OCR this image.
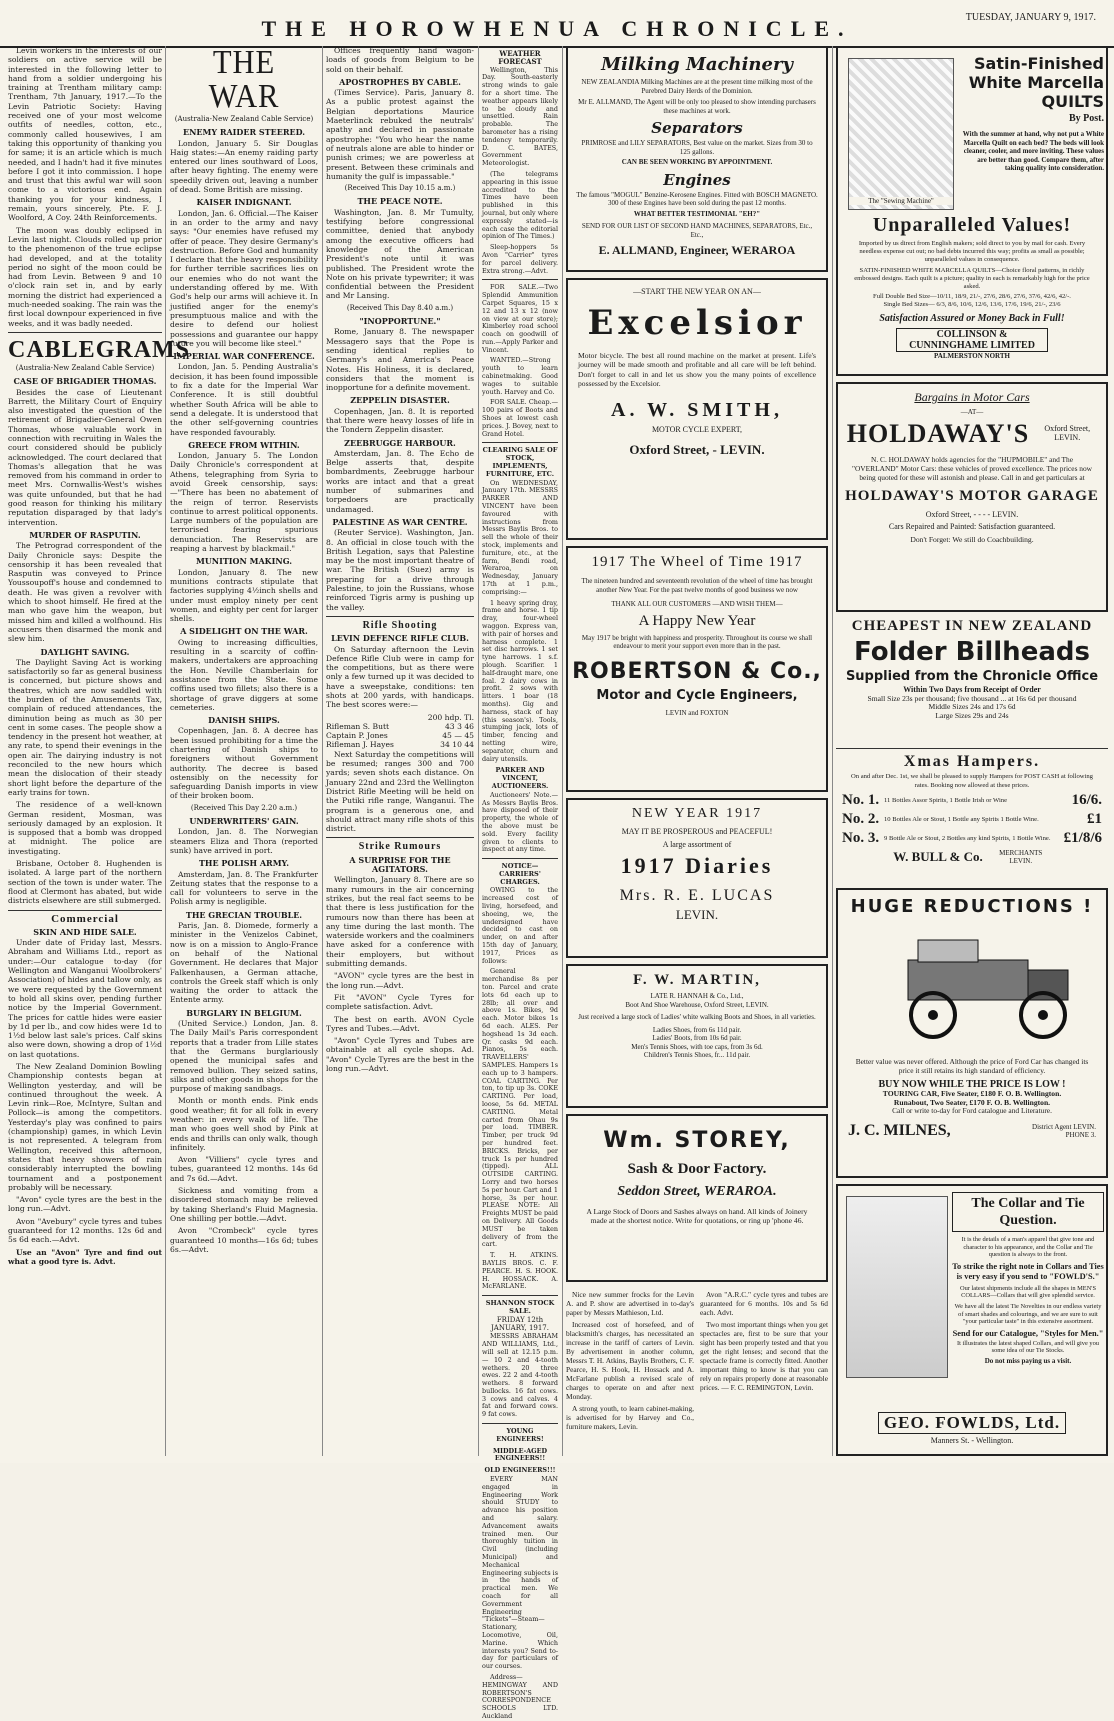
THE HOROWHENUA CHRONICLE.	TUESDAY, JANUARY 9, 1917.

Levin workers in the interests of our soldiers on active service will be interested in the following letter to hand from a soldier undergoing his training at Trentham military camp: Trentham, 7th January, 1917.—To the Levin Patriotic Society: Having received one of your most welcome outfits of needles, cotton, etc., commonly called housewives, I am taking this opportunity of thanking you for same; it is an article which is much needed, and I hadn't had it five minutes before I got it into commission. I hope and trust that this awful war will soon come to a victorious end. Again thanking you for your kindness, I remain, yours sincerely, Pte. F. J. Woolford, A Coy. 24th Reinforcements.

The moon was doubly eclipsed in Levin last night. Clouds rolled up prior to the phenomenon of the true eclipse had developed, and at the totality period no sight of the moon could be had from Levin. Between 9 and 10 o'clock rain set in, and by early morning the district had experienced a much-needed soaking. The rain was the first local downpour experienced in five weeks, and it was badly needed.

CABLEGRAMS
(Australia-New Zealand Cable Service)
CASE OF BRIGADIER THOMAS.

Besides the case of Lieutenant Barrett, the Military Court of Enquiry also investigated the question of the retirement of Brigadier-General Owen Thomas, whose valuable work in connection with recruiting in Wales the court considered should be publicly acknowledged. The court declared that Thomas's allegation that he was removed from his command in order to meet Mrs. Cornwallis-West's wishes was quite unfounded, but that he had good reason for thinking his military reputation disparaged by that lady's intervention.

MURDER OF RASPUTIN.

The Petrograd correspondent of the Daily Chronicle says: Despite the censorship it has been revealed that Rasputin was conveyed to Prince Youssoupoff's house and condemned to death. He was given a revolver with which to shoot himself. He fired at the man who gave him the weapon, but missed him and killed a wolfhound. His accusers then disarmed the monk and slew him.

DAYLIGHT SAVING.

The Daylight Saving Act is working satisfactorily so far as general business is concerned, but picture shows and theatres, which are now saddled with the burden of the Amusements Tax, complain of reduced attendances, the diminution being as much as 30 per cent in some cases. The people show a tendency in the present hot weather, at any rate, to spend their evenings in the open air. The dairying industry is not reconciled to the new hours which mean the dislocation of their steady short light before the departure of the early trains for town.

The residence of a well-known German resident, Mosman, was seriously damaged by an explosion. It is supposed that a bomb was dropped at midnight. The police are investigating.

Brisbane, October 8. Hughenden is isolated. A large part of the northern section of the town is under water. The flood at Clermont has abated, but wide districts elsewhere are still submerged.

Commercial
SKIN AND HIDE SALE.

Under date of Friday last, Messrs. Abraham and Williams Ltd., report as under:—Our catalogue to-day (for Wellington and Wanganui Woolbrokers' Association) of hides and tallow only, as we were requested by the Government to hold all skins over, pending further notice by the Imperial Government. The prices for cattle hides were easier by 1d per lb., and cow hides were 1d to 1½d below last sale's prices. Calf skins also were down, showing a drop of 1½d on last quotations.

The New Zealand Dominion Bowling Championship contests began at Wellington yesterday, and will be continued throughout the week. A Levin rink—Roe, McIntyre, Sultan and Pollock—is among the competitors. Yesterday's play was confined to pairs (championship) games, in which Levin is not represented. A telegram from Wellington, received this afternoon, states that heavy showers of rain considerably interrupted the bowling tournament and a postponement probably will be necessary.

"Avon" cycle tyres are the best in the long run.—Advt.

Avon "Avebury" cycle tyres and tubes guaranteed for 12 months. 12s 6d and 5s 6d each.—Advt.

Use an "Avon" Tyre and find out what a good tyre is. Advt.

THE WAR
(Australia-New Zealand Cable Service)
ENEMY RAIDER STEERED.

London, January 5. Sir Douglas Haig states:—An enemy raiding party entered our lines southward of Loos, after heavy fighting. The enemy were speedily driven out, leaving a number of dead. Some British are missing.

KAISER INDIGNANT.

London, Jan. 6. Official.—The Kaiser in an order to the army and navy says: "Our enemies have refused my offer of peace. They desire Germany's destruction. Before God and humanity I declare that the heavy responsibility for further terrible sacrifices lies on our enemies who do not want the understanding offered by me. With God's help our arms will achieve it. In justified anger for the enemy's presumptuous malice and with the desire to defend our holiest possessions and guarantee our happy future you will become like steel."

IMPERIAL WAR CONFERENCE.

London, Jan. 5. Pending Australia's decision, it has been found impossible to fix a date for the Imperial War Conference. It is still doubtful whether South Africa will be able to send a delegate. It is understood that the other self-governing countries have responded favourably.

GREECE FROM WITHIN.

London, January 5. The London Daily Chronicle's correspondent at Athens, telegraphing from Syria to avoid Greek censorship, says:—"There has been no abatement of the reign of terror. Reservists continue to arrest political opponents. Large numbers of the population are terrorised fearing spurious denunciation. The Reservists are reaping a harvest by blackmail."

MUNITION MAKING.

London, January 8. The new munitions contracts stipulate that factories supplying 4½inch shells and under must employ ninety per cent women, and eighty per cent for larger shells.

A SIDELIGHT ON THE WAR.

Owing to increasing difficulties, resulting in a scarcity of coffin-makers, undertakers are approaching the Hon. Neville Chamberlain for assistance from the State. Some coffins used two fillets; also there is a shortage of grave diggers at some cemeteries.

DANISH SHIPS.

Copenhagen, Jan. 8. A decree has been issued prohibiting for a time the chartering of Danish ships to foreigners without Government authority. The decree is based ostensibly on the necessity for safeguarding Danish imports in view of their broken boom.

(Received This Day 2.20 a.m.)
UNDERWRITERS' GAIN.

London, Jan. 8. The Norwegian steamers Eliza and Thora (reported sunk) have arrived in port.

THE POLISH ARMY.

Amsterdam, Jan. 8. The Frankfurter Zeitung states that the response to a call for volunteers to serve in the Polish army is negligible.

THE GRECIAN TROUBLE.

Paris, Jan. 8. Diomede, formerly a minister in the Venizelos Cabinet, now is on a mission to Anglo-France on behalf of the National Government. He declares that Major Falkenhausen, a German attache, controls the Greek staff which is only waiting the order to attack the Entente army.

BURGLARY IN BELGIUM.

(United Service.) London, Jan. 8. The Daily Mail's Paris correspondent reports that a trader from Lille states that the Germans burglariously opened the municipal safes and removed bullion. They seized satins, silks and other goods in shops for the purpose of making sandbags.

Month or month ends. Pink ends good weather; fit for all folk in every weather: in every walk of life. The man who goes well shod by Pink at ends and thrills can only walk, though infinitely.

Avon "Villiers" cycle tyres and tubes, guaranteed 12 months. 14s 6d and 7s 6d.—Advt.

Sickness and vomiting from a disordered stomach may be relieved by taking Sherland's Fluid Magnesia. One shilling per bottle.—Advt.

Avon "Crombeck" cycle tyres guaranteed 10 months—16s 6d; tubes 6s.—Advt.

Offices frequently hand wagon-loads of goods from Belgium to be sold on their behalf.

APOSTROPHES BY CABLE.

(Times Service). Paris, January 8. As a public protest against the Belgian deportations Maurice Maeterlinck rebuked the neutrals' apathy and declared in passionate apostrophe: "You who hear the name of neutrals alone are able to hinder or punish crimes; we are powerless at present. Between these criminals and humanity the gulf is impassable."

(Received This Day 10.15 a.m.)
THE PEACE NOTE.

Washington, Jan. 8. Mr Tumulty, testifying before congressional committee, denied that anybody among the executive officers had knowledge of the American President's note until it was published. The President wrote the Note on his private typewriter; it was confidential between the President and Mr Lansing.

(Received This Day 8.40 a.m.)
"INOPPORTUNE."

Rome, January 8. The newspaper Messagero says that the Pope is sending identical replies to Germany's and America's Peace Notes. His Holiness, it is declared, considers that the moment is inopportune for a definite movement.

ZEPPELIN DISASTER.

Copenhagen, Jan. 8. It is reported that there were heavy losses of life in the Tondern Zeppelin disaster.

ZEEBRUGGE HARBOUR.

Amsterdam, Jan. 8. The Echo de Belge asserts that, despite bombardments, Zeebrugge harbour works are intact and that a great number of submarines and torpedoers are practically undamaged.

PALESTINE AS WAR CENTRE.

(Reuter Service). Washington, Jan. 8. An official in close touch with the British Legation, says that Palestine may be the most important theatre of war. The British (Suez) army is preparing for a drive through Palestine, to join the Russians, whose reinforced Tigris army is pushing up the valley.

Rifle Shooting
LEVIN DEFENCE RIFLE CLUB.

On Saturday afternoon the Levin Defence Rifle Club were in camp for the competitions, but as there were only a few turned up it was decided to have a sweepstake, conditions: ten shots at 200 yards, with handicaps. The best scores were:—

200 hdp. Tl.
Rifleman S. Butt	43 3 46
Captain P. Jones	45 — 45
Rifleman J. Hayes	34 10 44

Next Saturday the competitions will be resumed; ranges 300 and 700 yards; seven shots each distance. On January 22nd and 23rd the Wellington District Rifle Meeting will be held on the Putiki rifle range, Wanganui. The program is a generous one, and should attract many rifle shots of this district.

Strike Rumours
A SURPRISE FOR THE AGITATORS.

Wellington, January 8. There are so many rumours in the air concerning strikes, but the real fact seems to be that there is less justification for the rumours now than there has been at any time during the last month. The waterside workers and the coalminers have asked for a conference with their employers, but without submitting demands.

"AVON" cycle tyres are the best in the long run.—Advt.

Fit "AVON" Cycle Tyres for complete satisfaction. Advt.

The best on earth. AVON Cycle Tyres and Tubes.—Advt.

"Avon" Cycle Tyres and Tubes are obtainable at all cycle shops. Ad. "Avon" Cycle Tyres are the best in the long run.—Advt.

WEATHER FORECAST

Wellington, This Day. South-easterly strong winds to gale for a short time. The weather appears likely to be cloudy and unsettled. Rain probable. The barometer has a rising tendency temporarily. D. C. BATES, Government Meteorologist.

(The telegrams appearing in this issue accredited to the Times have been published in this journal, but only where expressly stated—is each case the editorial opinion of The Times.)

Sleep-hoppers 5s Avon "Carrier" tyres for parcel delivery. Extra strong.—Advt.

FOR SALE.—Two Splendid Ammunition Carpet Squares, 15 x 12 and 13 x 12 (now on view at our store); Kimberley road school coach on goodwill of run.—Apply Parker and Vincent.

WANTED.—Strong youth to learn cabinetmaking. Good wages to suitable youth. Harvey and Co.

FOR SALE. Cheap.—100 pairs of Boots and Shoes at lowest cash prices. J. Bovey, next to Grand Hotel.

CLEARING SALE OF STOCK, IMPLEMENTS, FURNITURE, ETC.

On WEDNESDAY, January 17th. MESSRS PARKER AND VINCENT have been favoured with instructions from Messrs Baylis Bros. to sell the whole of their stock, implements and furniture, etc., at the farm, Bendi road, Weraroa, on Wednesday, January 17th at 1 p.m., comprising:—

1 heavy spring dray, frame and horse. 1 tip dray, four-wheel waggon. Express van, with pair of horses and harness complete. 1 set disc harrows. 1 set tyne harrows. 1 s.f. plough. Scarifier. 1 half-draught mare, one foal. 2 dairy cows in profit. 2 sows with litters. 1 boar (18 months). Gig and harness, stack of hay (this season's). Tools, stumping jack, lots of timber, fencing and netting wire, separator, churn and dairy utensils.

PARKER AND VINCENT, AUCTIONEERS.

Auctioneers' Note.—As Messrs Baylis Bros. have disposed of their property, the whole of the above must be sold. Every facility given to clients to inspect at any time.

NOTICE—CARRIERS' CHARGES.

OWING to the increased cost of living, horsefeed, and shoeing, we, the undersigned have decided to cast on under, on and after 15th day of January, 1917, Prices as follows:

General merchandise 8s per ton. Parcel and crate lots 6d each up to 28lb; all over and above 1s. Bikes, 9d each. Motor bikes 1s 6d each. ALES. Per hogshead 1s 3d each. Qr. casks 9d each. Pianos, 5s each. TRAVELLERS' SAMPLES. Hampers 1s each up to 3 hampers. COAL CARTING. Per ton, to tip up 3s. COKE CARTING. Per load, loose, 5s 6d. METAL CARTING. Metal carted from Ohau 9s per load. TIMBER. Timber, per truck 9d per hundred feet. BRICKS. Bricks, per truck 1s per hundred (tipped). ALL OUTSIDE CARTING. Lorry and two horses 5s per hour. Cart and 1 horse, 3s per hour. PLEASE NOTE: All Freights MUST be paid on Delivery. All Goods MUST be taken delivery of from the cart.

T. H. ATKINS. BAYLIS BROS. C. F. PEARCE. H. S. HOOK. H. HOSSACK. A. McFARLANE.

SHANNON STOCK SALE.
FRIDAY 12th JANUARY, 1917.

MESSRS ABRAHAM AND WILLIAMS, Ltd., will sell at 12.15 p.m.— 10 2 and 4-tooth wethers. 20 three ewes. 22 2 and 4-tooth wethers. 8 forward bullocks. 16 fat cows. 3 cows and calves. 4 fat and forward cows. 9 fat cows.

YOUNG ENGINEERS!
MIDDLE-AGED ENGINEERS!!
OLD ENGINEERS!!!

EVERY MAN engaged in Engineering Work should STUDY to advance his position and salary. Advancement awaits trained men. Our thoroughly tuition in Civil (including Municipal) and Mechanical Engineering subjects is in the hands of practical men. We coach for all Government Engineering "Tickets"—Steam—Stationary, Locomotive, Oil, Marine. Which interests you? Send to-day for particulars of our courses.

Address—HEMINGWAY AND ROBERTSON'S CORRESPONDENCE SCHOOLS LTD. Auckland

Milking Machinery
NEW ZEALANDIA Milking Machines are at the present time milking most of the Purebred Dairy Herds of the Dominion.
Mr E. ALLMAND, The Agent will be only too pleased to show intending purchasers these machines at work.
Separators
PRIMROSE and LILY SEPARATORS, Best value on the market. Sizes from 30 to 125 gallons.
CAN BE SEEN WORKING BY APPOINTMENT.
Engines
The famous "MOGUL" Benzine-Kerosene Engines. Fitted with BOSCH MAGNETO. 300 of these Engines have been sold during the past 12 months.
WHAT BETTER TESTIMONIAL "EH?"
SEND FOR OUR LIST OF SECOND HAND MACHINES, SEPARATORS, Etc., Etc.,
E. ALLMAND, Engineer, WERAROA
—START THE NEW YEAR ON AN—
Excelsior
Motor bicycle. The best all round machine on the market at present. Life's journey will be made smooth and profitable and all care will be left behind. Don't forget to call in and let us show you the many points of excellence possessed by the Excelsior.
A. W. SMITH,
MOTOR CYCLE EXPERT,
Oxford Street, - LEVIN.
1917 The Wheel of Time 1917
The nineteen hundred and seventeenth revolution of the wheel of time has brought another New Year. For the past twelve months of good business we now
THANK ALL OUR CUSTOMERS —AND WISH THEM—
A Happy New Year
May 1917 be bright with happiness and prosperity. Throughout its course we shall endeavour to merit your support even more than in the past.
ROBERTSON & Co.,
Motor and Cycle Engineers,
LEVIN and FOXTON
NEW YEAR 1917
MAY IT BE PROSPEROUS and PEACEFUL!
A large assortment of
1917 Diaries
Mrs. R. E. LUCAS
LEVIN.
F. W. MARTIN,
LATE R. HANNAH & Co., Ltd.,
Boot And Shoe Warehouse, Oxford Street, LEVIN.
Just received a large stock of Ladies' white walking Boots and Shoes, in all varieties.
Ladies Shoes, from 6s 11d pair.
Ladies' Boots, from 10s 6d pair.
Men's Tennis Shoes, with toe caps, from 3s 6d.
Children's Tennis Shoes, fr... 11d pair.
Wm. STOREY,
Sash & Door Factory.
Seddon Street, WERAROA.
A Large Stock of Doors and Sashes always on hand. All kinds of Joinery made at the shortest notice. Write for quotations, or ring up 'phone 46.

Nice new summer frocks for the Levin A. and P. show are advertised in to-day's paper by Messrs Mathieson, Ltd.

Increased cost of horsefeed, and of blacksmith's charges, has necessitated an increase in the tariff of carters of Levin. By advertisement in another column, Messrs T. H. Atkins, Baylis Brothers, C. F. Pearce, H. S. Hook, H. Hossack and A. McFarlane publish a revised scale of charges to operate on and after next Monday.

A strong youth, to learn cabinet-making, is advertised for by Harvey and Co., furniture makers, Levin.

Avon "A.R.C." cycle tyres and tubes are guaranteed for 6 months. 10s and 5s 6d each. Advt.

Two most important things when you get spectacles are, first to be sure that your sight has been properly tested and that you get the right lenses; and second that the spectacle frame is correctly fitted. Another important thing to know is that you can rely on repairs properly done at reasonable prices. — F. C. REMINGTON, Levin.

The "Sewing Machine"
Satin-Finished White Marcella QUILTS
By Post.
With the summer at hand, why not put a White Marcella Quilt on each bed? The beds will look cleaner, cooler, and more inviting. These values are better than good. Compare them, after taking quality into consideration.
Unparalleled Values!
Imported by us direct from English makers; sold direct to you by mail for cash. Every needless expense cut out; no bad debts incurred this way; profits as small as possible; unparalleled values in consequence.
SATIN-FINISHED WHITE MARCELLA QUILTS—Choice floral patterns, in richly embossed designs. Each quilt is a picture; quality in each is remarkably high for the price asked.
Full Double Bed Size—10/11, 18/9, 21/-, 27/6, 28/6, 27/6, 37/6, 42/6, 42/-.
Single Bed Sizes— 6/3, 8/6, 10/6, 12/6, 13/6, 17/6, 19/6, 21/-, 23/6
Satisfaction Assured or Money Back in Full!
COLLINSON & CUNNINGHAME LIMITED
PALMERSTON NORTH
Bargains in Motor Cars
—AT—
HOLDAWAY'S	Oxford Street, LEVIN.
N. C. HOLDAWAY holds agencies for the "HUPMOBILE" and The "OVERLAND" Motor Cars: these vehicles of proved excellence. The prices now being quoted for these will astonish and please. Call in and get particulars at
HOLDAWAY'S MOTOR GARAGE
Oxford Street, - - - - LEVIN.
Cars Repaired and Painted: Satisfaction guaranteed.
Don't Forget: We still do Coachbuilding.
CHEAPEST IN NEW ZEALAND
Folder Billheads
Supplied from the Chronicle Office
Within Two Days from Receipt of Order
Small Size 23s per thousand; five thousand ... at 16s 6d per thousand
Middle Sizes 24s and 17s 6d
Large Sizes 29s and 24s
Xmas Hampers.
On and after Dec. 1st, we shall be pleased to supply Hampers for POST CASH at following rates. Booking now allowed at these prices.
No. 1. 11 Bottles Assor Spirits, 1 Bottle Irish or Wine	16/6.
No. 2. 10 Bottles Ale or Stout, 1 Bottle any Spirits 1 Bottle Wine.	£1
No. 3. 9 Bottle Ale or Stout, 2 Bottles any kind Spirits, 1 Bottle Wine. £1/8/6
W. BULL & Co.	MERCHANTS LEVIN.
HUGE REDUCTIONS !
Better value was never offered. Although the price of Ford Car has changed its price it still retains its high standard of efficiency.
BUY NOW WHILE THE PRICE IS LOW !
TOURING CAR, Five Seater, £180 F. O. B. Wellington.
Runabout, Two Seater, £170 F. O. B. Wellington.
Call or write to-day for Ford catalogue and Literature.
J. C. MILNES,	District Agent LEVIN.
PHONE 3.
The Collar and Tie Question.
It is the details of a man's apparel that give tone and character to his appearance, and the Collar and Tie question is always to the front.
To strike the right note in Collars and Ties is very easy if you send to "FOWLD'S."
Our latest shipments include all the shapes in MEN'S COLLARS—Collars that will give splendid service.
We have all the latest Tie Novelties in our endless variety of smart shades and colourings, and we are sure to suit "your particular taste" in this extensive assortment.
Send for our Catalogue, "Styles for Men."
It illustrates the latest shaped Collars, and will give you some idea of our Tie Stocks.
Do not miss paying us a visit.
GEO. FOWLDS, Ltd.
Manners St. - Wellington.
